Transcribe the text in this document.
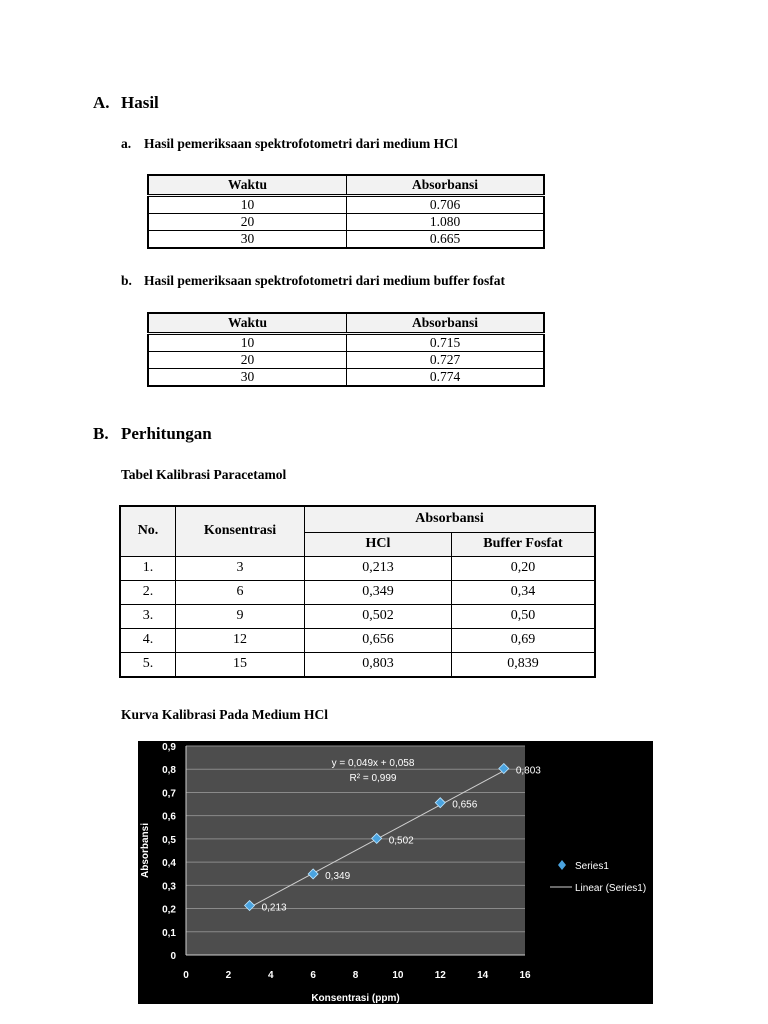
A. Hasil
a. Hasil pemeriksaan spektrofotometri dari medium HCl
Waktu	Absorbansi
10	0.706
20	1.080
30	0.665
b. Hasil pemeriksaan spektrofotometri dari medium buffer fosfat
Waktu	Absorbansi
10	0.715
20	0.727
30	0.774
B. Perhitungan
Tabel Kalibrasi Paracetamol
No.	Konsentrasi	Absorbansi	
		HCl	Buffer Fosfat
1.	3	0,213	0,20
2.	6	0,349	0,34
3.	9	0,502	0,50
4.	12	0,656	0,69
5.	15	0,803	0,839
Kurva Kalibrasi Pada Medium HCl
0
0,1
0,2
0,3
0,4
0,5
0,6
0,7
0,8
0,9
0	2	4	6	8	10	12	14	16
Konsentrasi (ppm)
Absorbansi
y = 0,049x + 0,058
R² = 0,999
0,213
0,349
0,502
0,656
0,803
Series1
Linear (Series1)
